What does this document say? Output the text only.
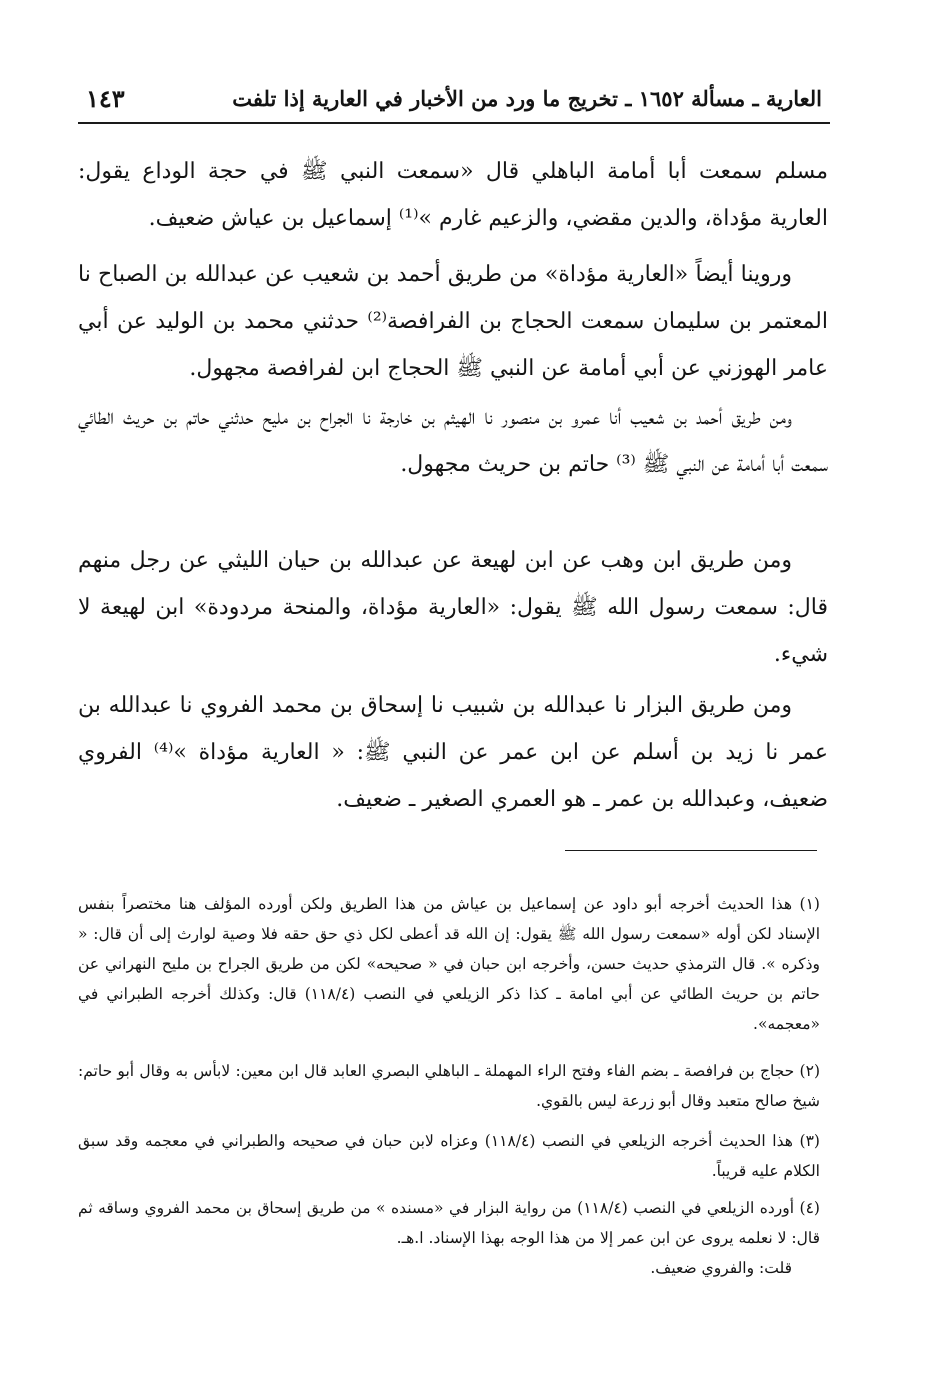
العارية ـ مسألة ١٦٥٢ ـ تخريج ما ورد من الأخبار في العارية إذا تلفت
١٤٣
مسلم سمعت أبا أمامة الباهلي قال «سمعت النبي ﷺ في حجة الوداع يقول: العارية مؤداة، والدين مقضي، والزعيم غارم »⁽¹⁾ إسماعيل بن عياش ضعيف.
وروينا أيضاً «العارية مؤداة» من طريق أحمد بن شعيب عن عبدالله بن الصباح نا المعتمر بن سليمان سمعت الحجاج بن الفرافصة⁽²⁾ حدثني محمد بن الوليد عن أبي عامر الهوزني عن أبي أمامة عن النبي ﷺ الحجاج ابن لفرافصة مجهول.
ومن طريق أحمد بن شعيب أنا عمرو بن منصور نا الهيثم بن خارجة نا الجراح بن مليح حدثني حاتم بن حريث الطائي سمعت أبا أمامة عن النبي ﷺ ⁽³⁾ حاتم بن حريث مجهول.
ومن طريق ابن وهب عن ابن لهيعة عن عبدالله بن حيان الليثي عن رجل منهم قال: سمعت رسول الله ﷺ يقول: «العارية مؤداة، والمنحة مردودة» ابن لهيعة لا شيء.
ومن طريق البزار نا عبدالله بن شبيب نا إسحاق بن محمد الفروي نا عبدالله بن عمر نا زيد بن أسلم عن ابن عمر عن النبي ﷺ: « العارية مؤداة »⁽⁴⁾ الفروي ضعيف، وعبدالله بن عمر ـ هو العمري الصغير ـ ضعيف.
(١) هذا الحديث أخرجه أبو داود عن إسماعيل بن عياش من هذا الطريق ولكن أورده المؤلف هنا مختصراً بنفس الإسناد لكن أوله «سمعت رسول الله ﷺ يقول: إن الله قد أعطى لكل ذي حق حقه فلا وصية لوارث إلى أن قال: « وذكره ». قال الترمذي حديث حسن، وأخرجه ابن حبان في « صحيحه» لكن من طريق الجراح بن مليح النهراني عن حاتم بن حريث الطائي عن أبي امامة ـ كذا ذكر الزيلعي في النصب (١١٨/٤) قال: وكذلك أخرجه الطبراني في «معجمه».
(٢) حجاج بن فرافصة ـ بضم الفاء وفتح الراء المهملة ـ الباهلي البصري العابد قال ابن معين: لابأس به وقال أبو حاتم: شيخ صالح متعبد وقال أبو زرعة ليس بالقوي.
(٣) هذا الحديث أخرجه الزيلعي في النصب (١١٨/٤) وعزاه لابن حبان في صحيحه والطبراني في معجمه وقد سبق الكلام عليه قريباً.
(٤) أورده الزيلعي في النصب (١١٨/٤) من رواية البزار في «مسنده » من طريق إسحاق بن محمد الفروي وساقه ثم قال: لا نعلمه يروى عن ابن عمر إلا من هذا الوجه بهذا الإسناد. ا.هـ.
قلت: والفروي ضعيف.
